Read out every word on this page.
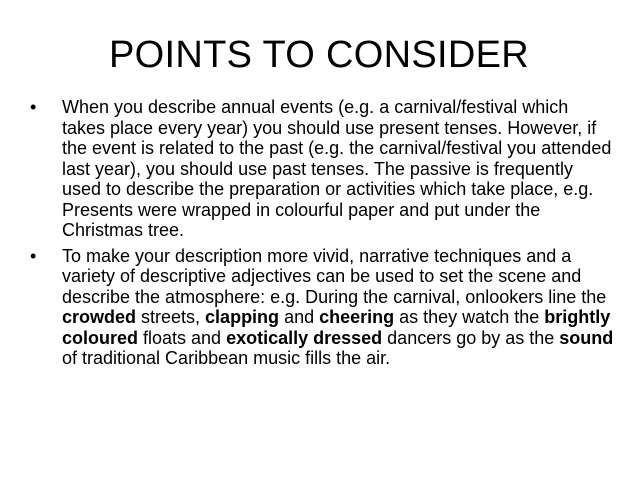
POINTS TO CONSIDER
• When you describe annual events (e.g. a carnival/festival which takes place every year) you should use present tenses. However, if the event is related to the past (e.g. the carnival/festival you attended last year), you should use past tenses. The passive is frequently used to describe the preparation or activities which take place, e.g. Presents were wrapped in colourful paper and put under the Christmas tree.
• To make your description more vivid, narrative techniques and a variety of descriptive adjectives can be used to set the scene and describe the atmosphere: e.g. During the carnival, onlookers line the crowded streets, clapping and cheering as they watch the brightly coloured floats and exotically dressed dancers go by as the sound of traditional Caribbean music fills the air.
